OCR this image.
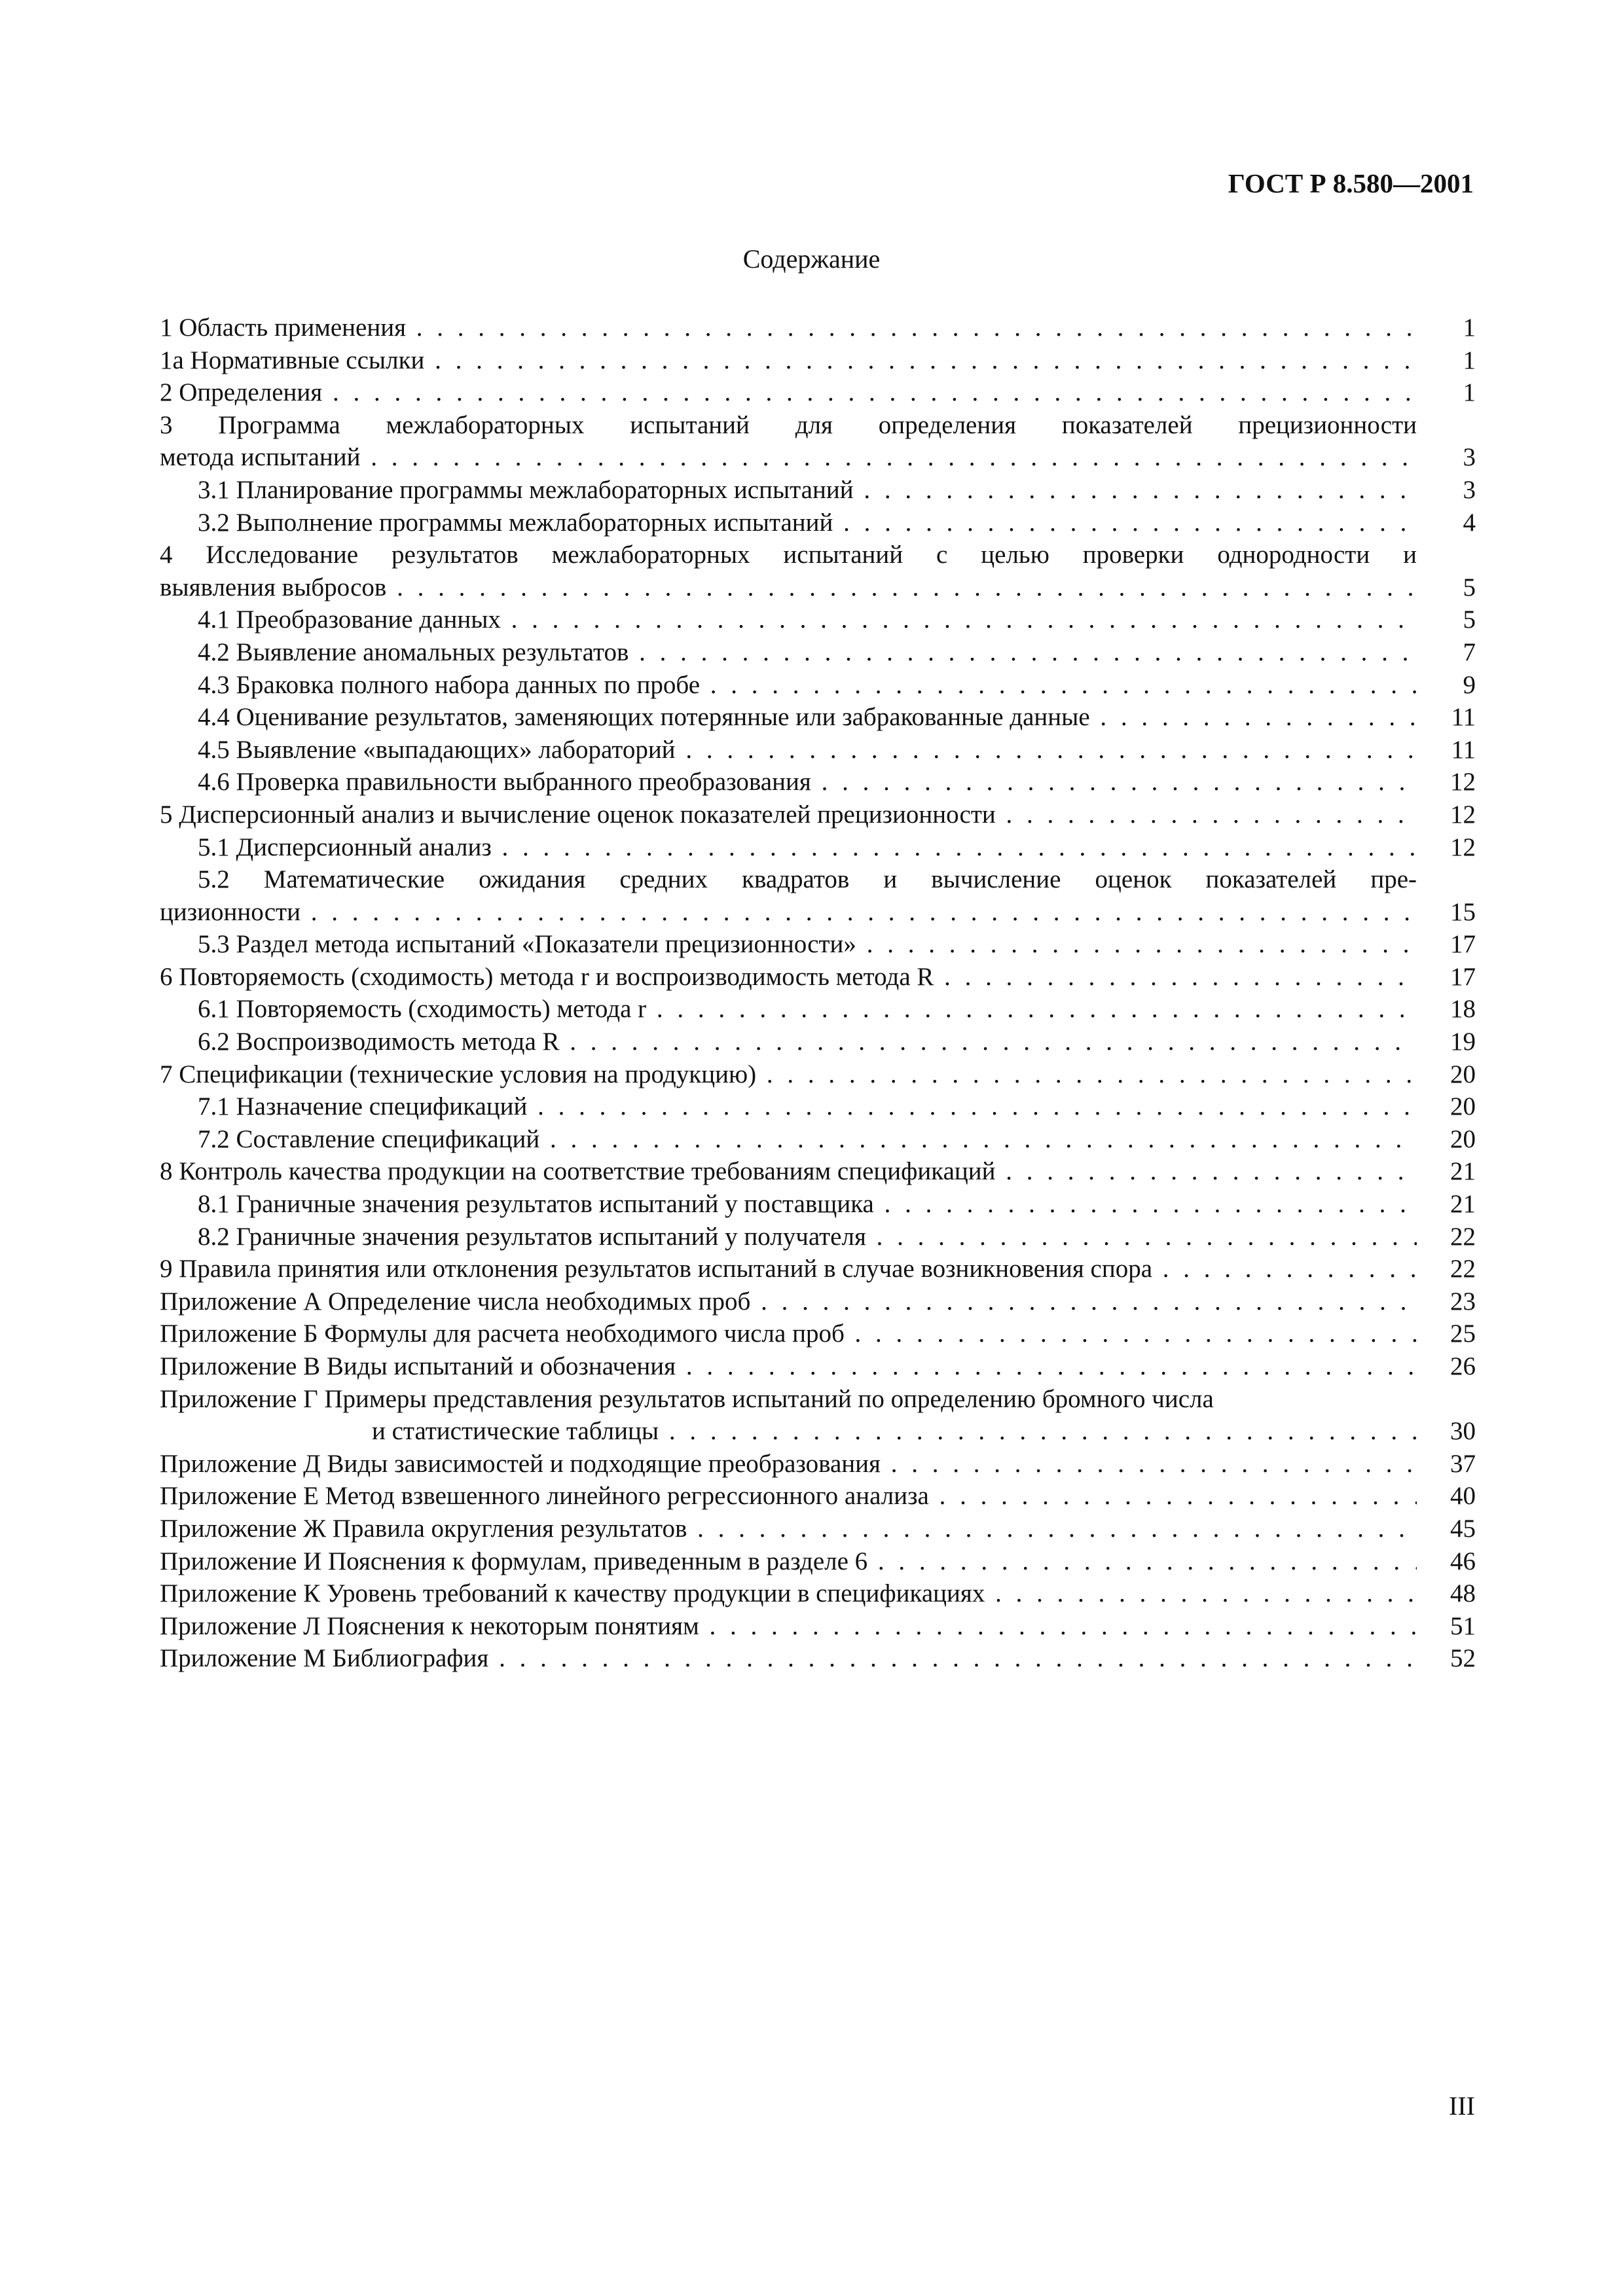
ГОСТ Р 8.580—2001
Содержание
1 Область применения . . .	1
1а Нормативные ссылки . . .	1
2 Определения . . .	1
3 Программа межлабораторных испытаний для определения показателей прецизионности
метода испытаний . . .	3
3.1 Планирование программы межлабораторных испытаний . . .	3
3.2 Выполнение программы межлабораторных испытаний . . .	4
4 Исследование результатов межлабораторных испытаний с целью проверки однородности и
выявления выбросов . . .	5
4.1 Преобразование данных . . .	5
4.2 Выявление аномальных результатов . . .	7
4.3 Браковка полного набора данных по пробе . . .	9
4.4 Оценивание результатов, заменяющих потерянные или забракованные данные . . .	11
4.5 Выявление «выпадающих» лабораторий . . .	11
4.6 Проверка правильности выбранного преобразования . . .	12
5 Дисперсионный анализ и вычисление оценок показателей прецизионности . . .	12
5.1 Дисперсионный анализ . . .	12
5.2 Математические ожидания средних квадратов и вычисление оценок показателей пре-
цизионности . . .	15
5.3 Раздел метода испытаний «Показатели прецизионности» . . .	17
6 Повторяемость (сходимость) метода r и воспроизводимость метода R . . .	17
6.1 Повторяемость (сходимость) метода r . . .	18
6.2 Воспроизводимость метода R . . .	19
7 Спецификации (технические условия на продукцию) . . .	20
7.1 Назначение спецификаций . . .	20
7.2 Составление спецификаций . . .	20
8 Контроль качества продукции на соответствие требованиям спецификаций . . .	21
8.1 Граничные значения результатов испытаний у поставщика . . .	21
8.2 Граничные значения результатов испытаний у получателя . . .	22
9 Правила принятия или отклонения результатов испытаний в случае возникновения спора . . .	22
Приложение А Определение числа необходимых проб . . .	23
Приложение Б Формулы для расчета необходимого числа проб . . .	25
Приложение В Виды испытаний и обозначения . . .	26
Приложение Г Примеры представления результатов испытаний по определению бромного числа
и статистические таблицы . . .	30
Приложение Д Виды зависимостей и подходящие преобразования . . .	37
Приложение Е Метод взвешенного линейного регрессионного анализа . . .	40
Приложение Ж Правила округления результатов . . .	45
Приложение И Пояснения к формулам, приведенным в разделе 6 . . .	46
Приложение К Уровень требований к качеству продукции в спецификациях . . .	48
Приложение Л Пояснения к некоторым понятиям . . .	51
Приложение М Библиография . . .	52
III
